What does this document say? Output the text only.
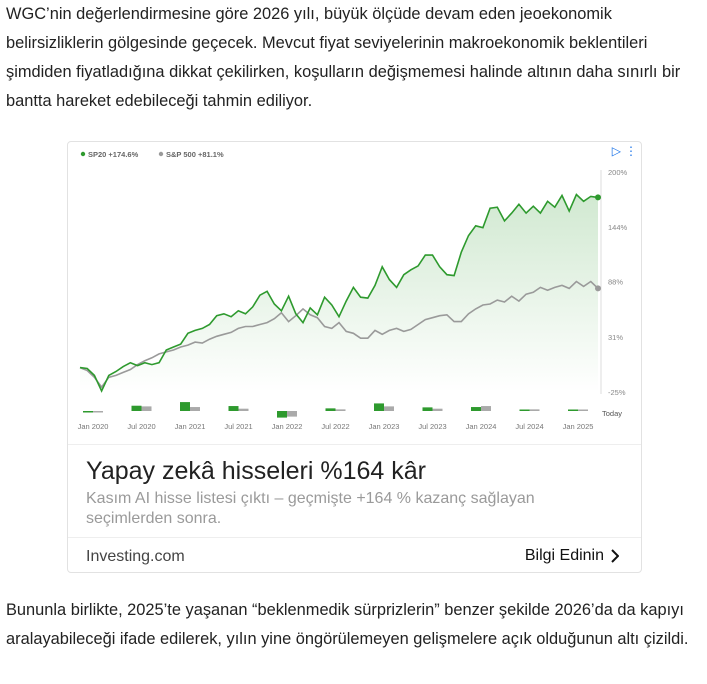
WGC’nin değerlendirmesine göre 2026 yılı, büyük ölçüde devam eden jeoekonomik belirsizliklerin gölgesinde geçecek. Mevcut fiyat seviyelerinin makroekonomik beklentileri şimdiden fiyatladığına dikkat çekilirken, koşulların değişmemesi halinde altının daha sınırlı bir bantta hareket edebileceği tahmin ediliyor.

200%
144%
88%
31%
-25%
SP20 +174.6%	S&P 500 +81.1%
Jan 2020	Jul 2020	Jan 2021	Jul 2021	Jan 2022	Jul 2022	Jan 2023	Jul 2023	Jan 2024	Jul 2024	Jan 2025
Today
▷ ⋮

Yapay zekâ hisseleri %164 kâr

Kasım AI hisse listesi çıktı – geçmişte +164 % kazanç sağlayan seçimlerden sonra.

Investing.com	Bilgi Edinin

Bununla birlikte, 2025’te yaşanan “beklenmedik sürprizlerin” benzer şekilde 2026’da da kapıyı aralayabileceği ifade edilerek, yılın yine öngörülemeyen gelişmelere açık olduğunun altı çizildi.
